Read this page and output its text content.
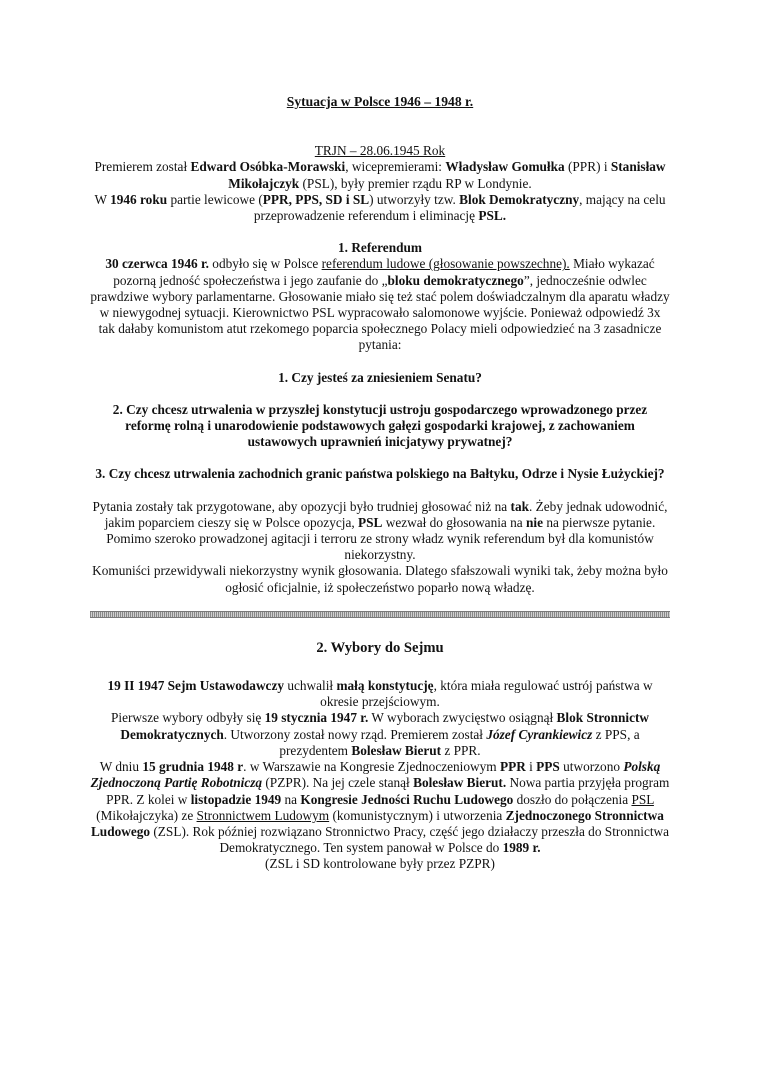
Sytuacja w Polsce 1946 – 1948 r.

TRJN – 28.06.1945 Rok

Premierem został Edward Osóbka-Morawski, wicepremierami: Władysław Gomułka (PPR) i Stanisław Mikołajczyk (PSL), były premier rządu RP w Londynie.

W 1946 roku partie lewicowe (PPR, PPS, SD i SL) utworzyły tzw. Blok Demokratyczny, mający na celu przeprowadzenie referendum i eliminację PSL.

1. Referendum

30 czerwca 1946 r. odbyło się w Polsce referendum ludowe (głosowanie powszechne). Miało wykazać pozorną jedność społeczeństwa i jego zaufanie do „bloku demokratycznego”, jednocześnie odwlec prawdziwe wybory parlamentarne. Głosowanie miało się też stać polem doświadczalnym dla aparatu władzy w niewygodnej sytuacji. Kierownictwo PSL wypracowało salomonowe wyjście. Ponieważ odpowiedź 3x tak dałaby komunistom atut rzekomego poparcia społecznego Polacy mieli odpowiedzieć na 3 zasadnicze pytania:

1. Czy jesteś za zniesieniem Senatu?

2. Czy chcesz utrwalenia w przyszłej konstytucji ustroju gospodarczego wprowadzonego przez reformę rolną i unarodowienie podstawowych gałęzi gospodarki krajowej, z zachowaniem ustawowych uprawnień inicjatywy prywatnej?

3. Czy chcesz utrwalenia zachodnich granic państwa polskiego na Bałtyku, Odrze i Nysie Łużyckiej?

Pytania zostały tak przygotowane, aby opozycji było trudniej głosować niż na tak. Żeby jednak udowodnić, jakim poparciem cieszy się w Polsce opozycja, PSL wezwał do głosowania na nie na pierwsze pytanie.

Pomimo szeroko prowadzonej agitacji i terroru ze strony władz wynik referendum był dla komunistów niekorzystny.

Komuniści przewidywali niekorzystny wynik głosowania. Dlatego sfałszowali wyniki tak, żeby można było ogłosić oficjalnie, iż społeczeństwo poparło nową władzę.

2. Wybory do Sejmu

19 II 1947 Sejm Ustawodawczy uchwalił małą konstytucję, która miała regulować ustrój państwa w okresie przejściowym.

Pierwsze wybory odbyły się 19 stycznia 1947 r. W wyborach zwycięstwo osiągnął Blok Stronnictw Demokratycznych. Utworzony został nowy rząd. Premierem został Józef Cyrankiewicz z PPS, a prezydentem Bolesław Bierut z PPR.

W dniu 15 grudnia 1948 r. w Warszawie na Kongresie Zjednoczeniowym PPR i PPS utworzono Polską Zjednoczoną Partię Robotniczą (PZPR). Na jej czele stanął Bolesław Bierut. Nowa partia przyjęła program PPR. Z kolei w listopadzie 1949 na Kongresie Jedności Ruchu Ludowego doszło do połączenia PSL (Mikołajczyka) ze Stronnictwem Ludowym (komunistycznym) i utworzenia Zjednoczonego Stronnictwa Ludowego (ZSL). Rok później rozwiązano Stronnictwo Pracy, część jego działaczy przeszła do Stronnictwa Demokratycznego. Ten system panował w Polsce do 1989 r.

(ZSL i SD kontrolowane były przez PZPR)
